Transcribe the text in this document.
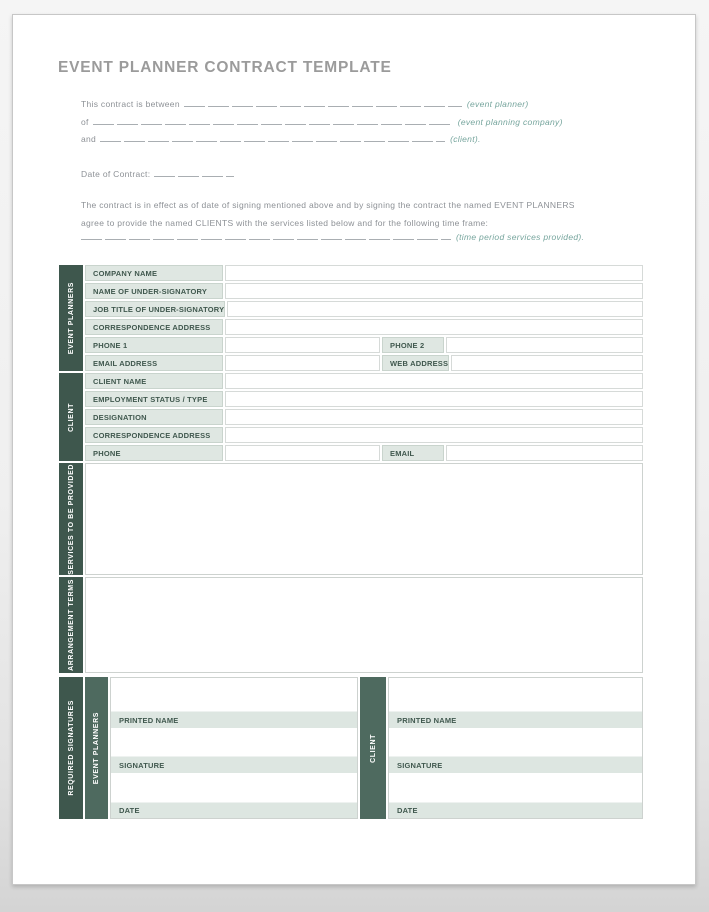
EVENT PLANNER CONTRACT TEMPLATE
This contract is between	(event planner)
of	(event planning company)
and	(client).
Date of Contract:
The contract is in effect as of date of signing mentioned above and by signing the contract the named EVENT PLANNERS
agree to provide the named CLIENTS with the services listed below and for the following time frame:
(time period services provided).
EVENT PLANNERS
COMPANY NAME
NAME OF UNDER-SIGNATORY
JOB TITLE OF UNDER-SIGNATORY
CORRESPONDENCE ADDRESS
PHONE 1	PHONE 2
EMAIL ADDRESS	WEB ADDRESS
CLIENT
CLIENT NAME
EMPLOYMENT STATUS / TYPE
DESIGNATION
CORRESPONDENCE ADDRESS
PHONE	EMAIL
SERVICES TO BE PROVIDED
ARRANGEMENT TERMS
REQUIRED SIGNATURES	EVENT PLANNERS	PRINTED NAME
SIGNATURE
DATE
CLIENT
PRINTED NAME
SIGNATURE
DATE
